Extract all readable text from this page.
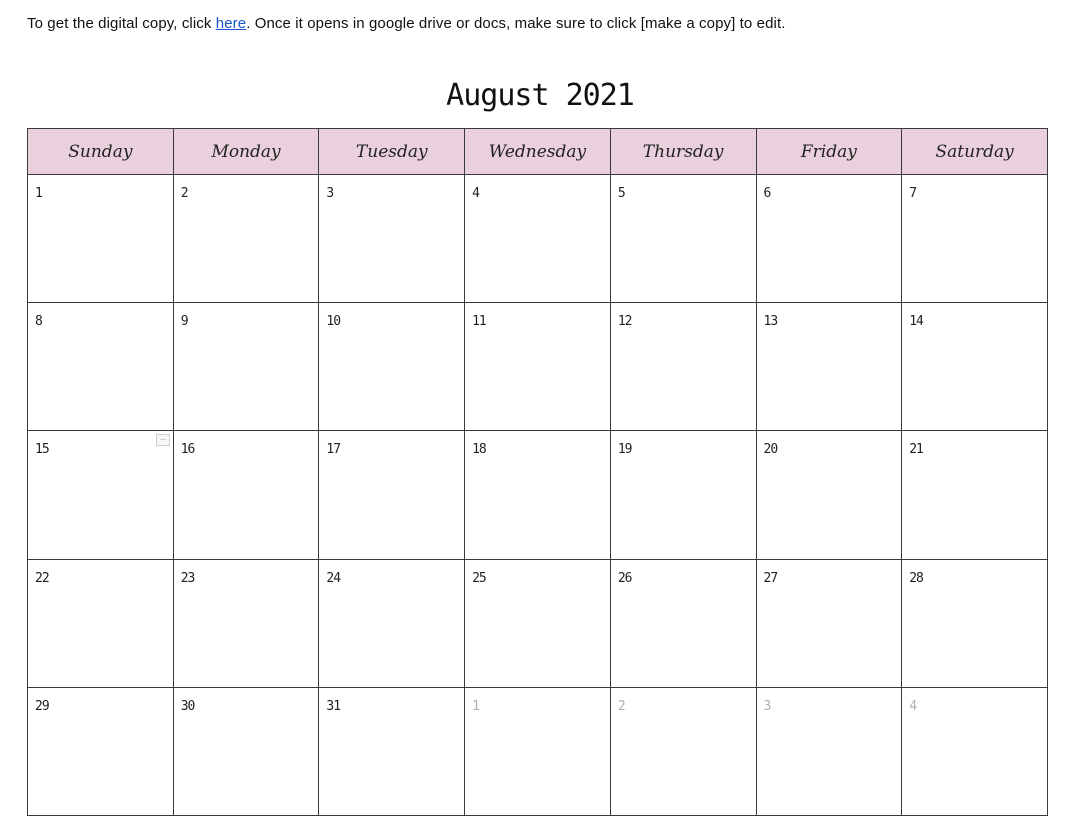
To get the digital copy, click here. Once it opens in google drive or docs, make sure to click [make a copy] to edit.
August 2021
Sunday	Monday	Tuesday	Wednesday	Thursday	Friday	Saturday

1	2	3	4	5	6	7

8	9	10	11	12	13	14

15	16	17	18	19	20	21

22	23	24	25	26	27	28

29	30	31	1	2	3	4
